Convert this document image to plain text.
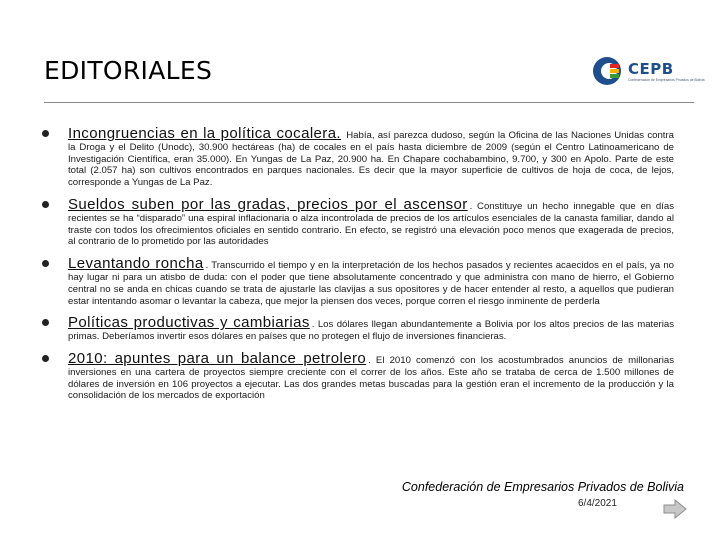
EDITORIALES	CEPB
Confederación de Empresarios Privados de Bolivia

Incongruencias en la política cocalera. Había, así parezca dudoso, según la Oficina de las Naciones Unidas contra la Droga y el Delito (Unodc), 30.900 hectáreas (ha) de cocales en el país hasta diciembre de 2009 (según el Centro Latinoamericano de Investigación Científica, eran 35.000). En Yungas de La Paz, 20.900 ha. En Chapare cochabambino, 9.700, y 300 en Apolo. Parte de este total (2.057 ha) son cultivos encontrados en parques nacionales. Es decir que la mayor superficie de cultivos de hoja de coca, de lejos, corresponde a Yungas de La Paz.

Sueldos suben por las gradas, precios por el ascensor . Constituye un hecho innegable que en días recientes se ha “disparado” una espiral inflacionaria o alza incontrolada de precios de los artículos esenciales de la canasta familiar, dando al traste con todos los ofrecimientos oficiales en sentido contrario. En efecto, se registró una elevación poco menos que exagerada de precios, al contrario de lo prometido por las autoridades

Levantando roncha . Transcurrido el tiempo y en la interpretación de los hechos pasados y recientes acaecidos en el país, ya no hay lugar ni para un atisbo de duda: con el poder que tiene absolutamente concentrado y que administra con mano de hierro, el Gobierno central no se anda en chicas cuando se trata de ajustarle las clavijas a sus opositores y de hacer entender al resto, a aquellos que pudieran estar intentando asomar o levantar la cabeza, que mejor la piensen dos veces, porque corren el riesgo inminente de perderla

Políticas productivas y cambiarias . Los dólares llegan abundantemente a Bolivia por los altos precios de las materias primas. Deberíamos invertir esos dólares en países que no protegen el flujo de inversiones financieras.

2010: apuntes para un balance petrolero . El 2010 comenzó con los acostumbrados anuncios de millonarias inversiones en una cartera de proyectos siempre creciente con el correr de los años. Este año se trataba de cerca de 1.500 millones de dólares de inversión en 106 proyectos a ejecutar. Las dos grandes metas buscadas para la gestión eran el incremento de la producción y la consolidación de los mercados de exportación

Confederación de Empresarios Privados de Bolivia
6/4/2021
